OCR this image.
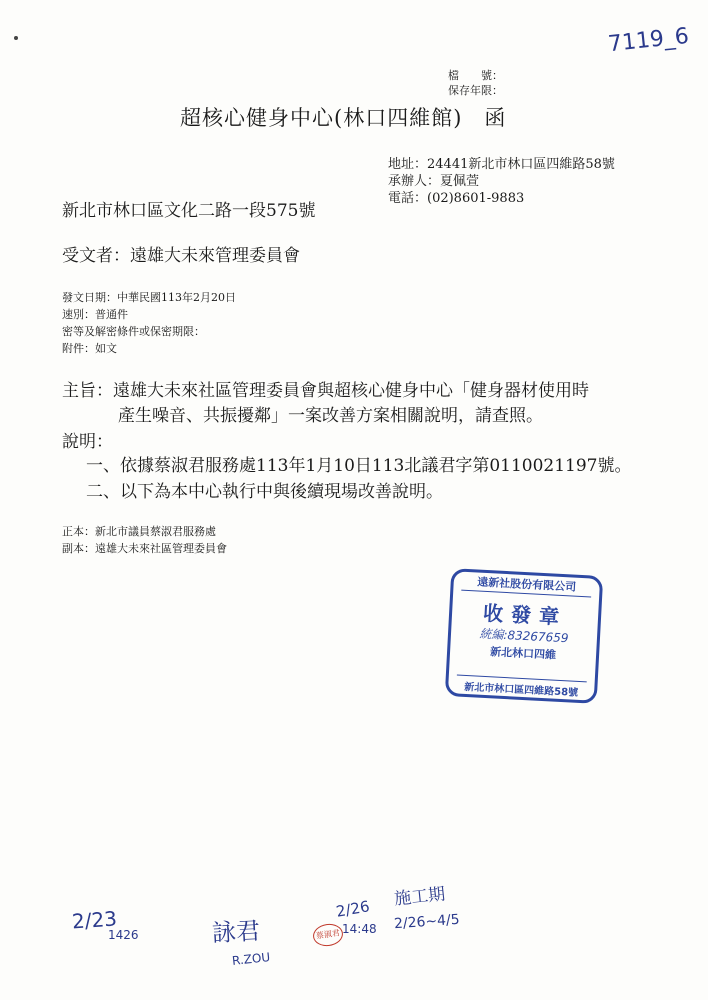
7119_6
檔　　號：
保存年限：
超核心健身中心(林口四維館)　函
地址：24441新北市林口區四維路58號
承辦人：夏佩萱
電話：(02)8601-9883
新北市林口區文化二路一段575號
受文者：遠雄大未來管理委員會
發文日期：中華民國113年2月20日
速別：普通件
密等及解密條件或保密期限：
附件：如文
主旨：遠雄大未來社區管理委員會與超核心健身中心「健身器材使用時
產生噪音、共振擾鄰」一案改善方案相關說明，請查照。
說明：
一、依據蔡淑君服務處113年1月10日113北議君字第0110021197號。
二、以下為本中心執行中與後續現場改善說明。
正本：新北市議員蔡淑君服務處
副本：遠雄大未來社區管理委員會
遠新社股份有限公司
收發章
統編:83267659
新北林口四維
新北市林口區四維路58號
2/23
1426	詠君
R.ZOU
蔡淑君
2/26
14:48
施工期
2/26~4/5
